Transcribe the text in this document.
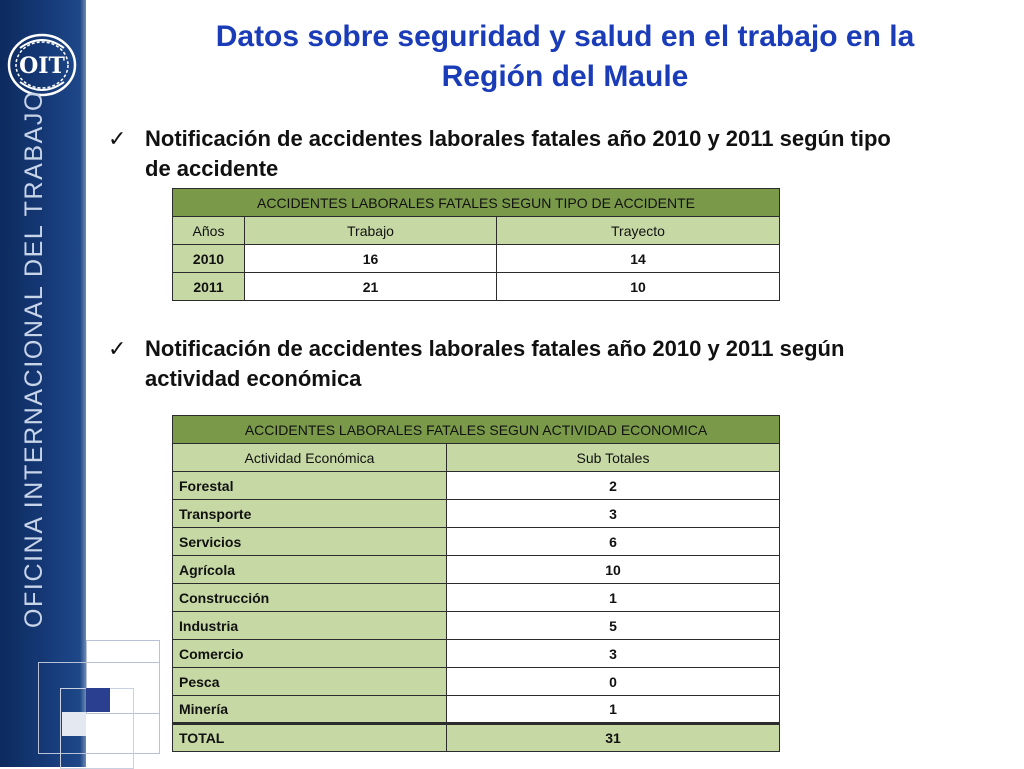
OIT
OFICINA INTERNACIONAL DEL TRABAJO
Datos sobre seguridad y salud en el trabajo en la
Región del Maule
✓ Notificación de accidentes laborales fatales año 2010 y 2011 según tipo
de accidente
ACCIDENTES LABORALES FATALES SEGUN TIPO DE ACCIDENTE		
Años	Trabajo	Trayecto
2010	16	14
2011	21	10
✓ Notificación de accidentes laborales fatales año 2010 y 2011 según
actividad económica
ACCIDENTES LABORALES FATALES SEGUN ACTIVIDAD ECONOMICA	
Actividad Económica	Sub Totales
Forestal	2
Transporte	3
Servicios	6
Agrícola	10
Construcción	1
Industria	5
Comercio	3
Pesca	0
Minería	1
TOTAL	31
